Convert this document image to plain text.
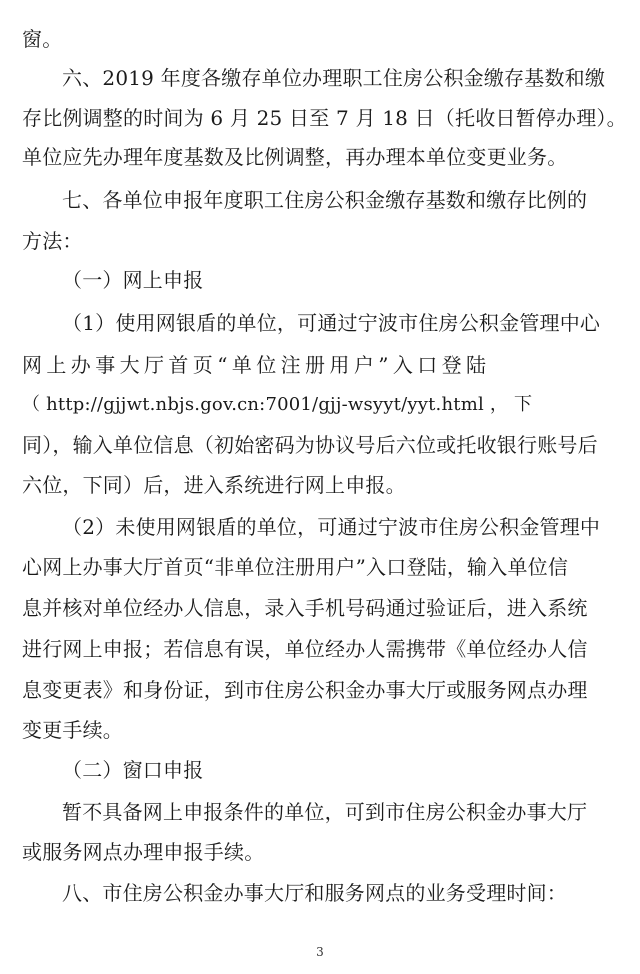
窗。
六、2019 年度各缴存单位办理职工住房公积金缴存基数和缴
存比例调整的时间为 6 月 25 日至 7 月 18 日（托收日暂停办理）。
单位应先办理年度基数及比例调整，再办理本单位变更业务。
七、各单位申报年度职工住房公积金缴存基数和缴存比例的
方法：
（一）网上申报
（1）使用网银盾的单位，可通过宁波市住房公积金管理中心
网上办事大厅首页“单位注册用户”入口登陆
（ http://gjjwt.nbjs.gov.cn:7001/gjj-wsyyt/yyt.html ， 下
同），输入单位信息（初始密码为协议号后六位或托收银行账号后
六位，下同）后，进入系统进行网上申报。
（2）未使用网银盾的单位，可通过宁波市住房公积金管理中
心网上办事大厅首页“非单位注册用户”入口登陆，输入单位信
息并核对单位经办人信息，录入手机号码通过验证后，进入系统
进行网上申报；若信息有误，单位经办人需携带《单位经办人信
息变更表》和身份证，到市住房公积金办事大厅或服务网点办理
变更手续。
（二）窗口申报
暂不具备网上申报条件的单位，可到市住房公积金办事大厅
或服务网点办理申报手续。
八、市住房公积金办事大厅和服务网点的业务受理时间：
3
